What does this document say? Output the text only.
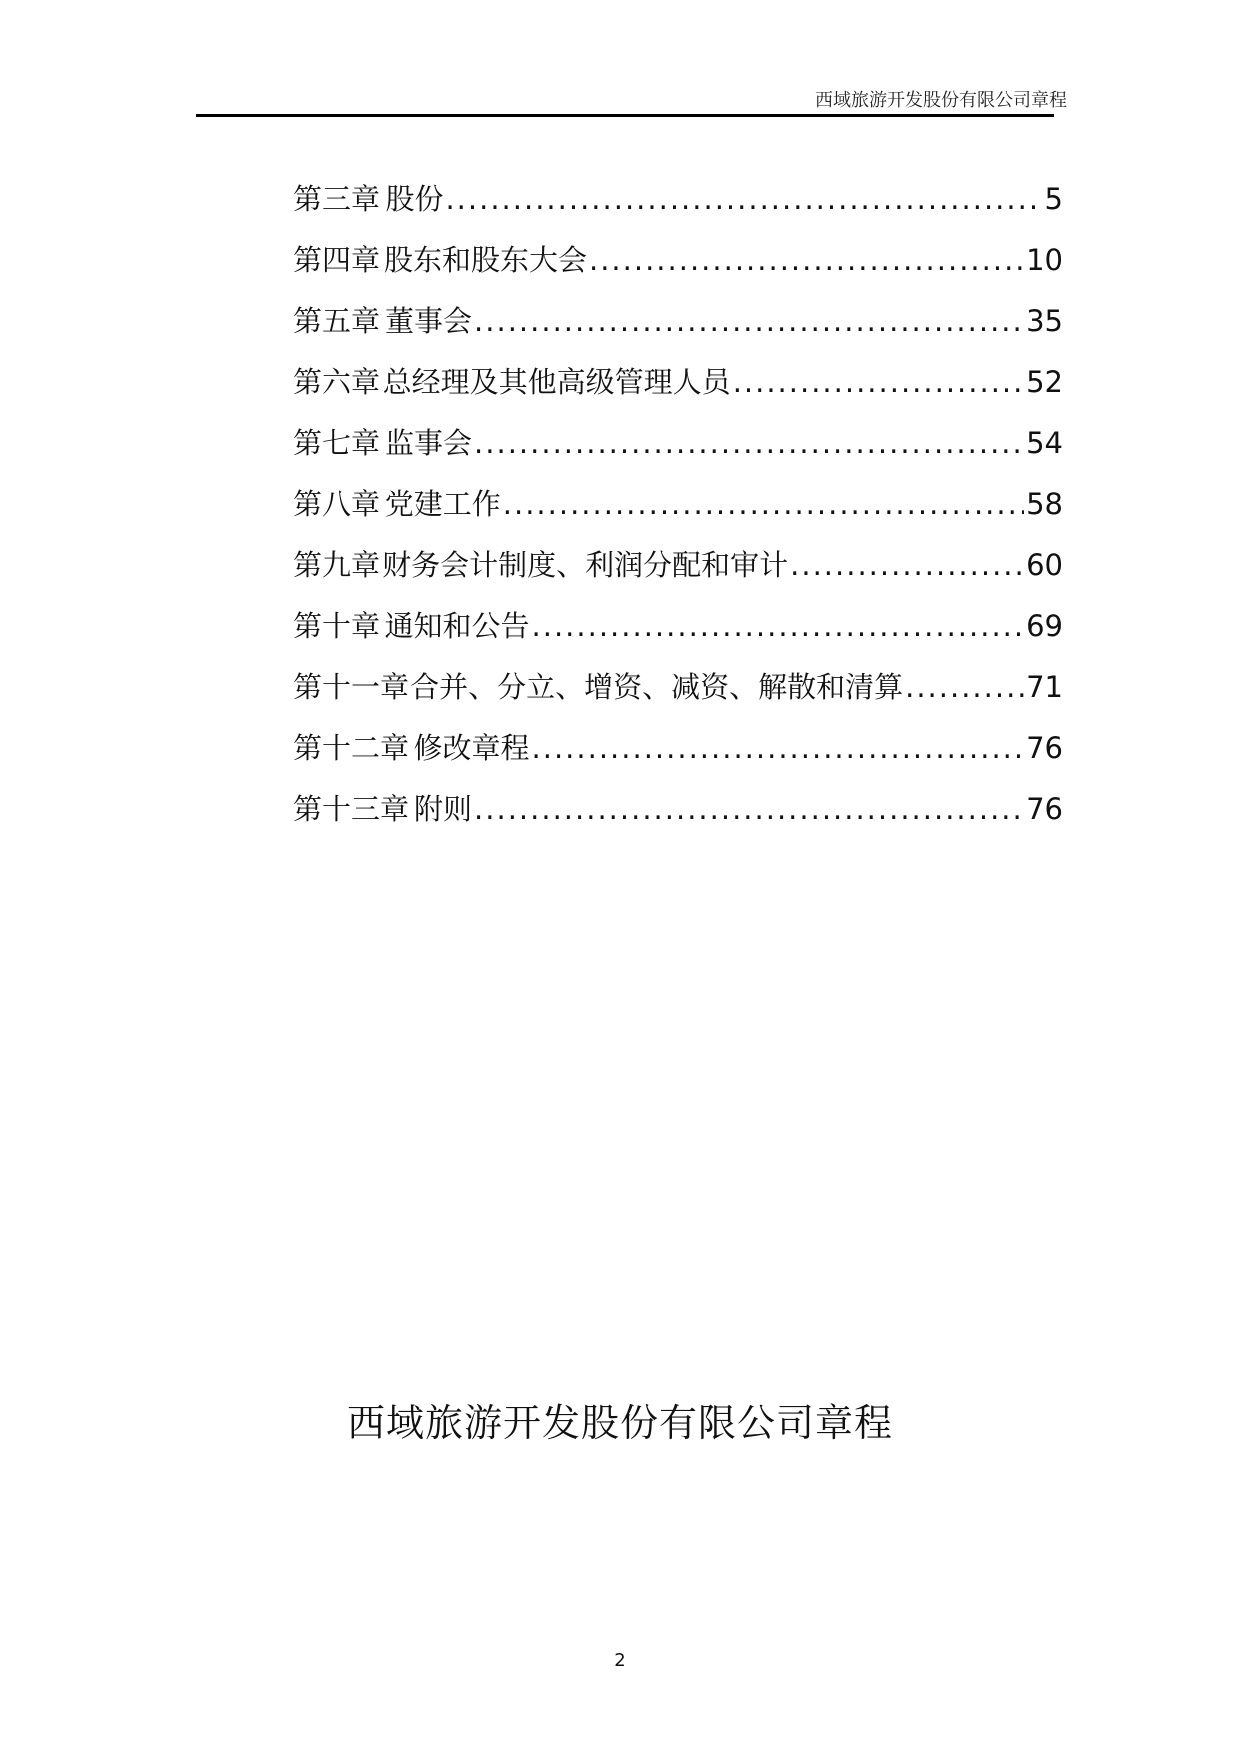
西域旅游开发股份有限公司章程
第三章 股份 .....	5
第四章 股东和股东大会 .....	10
第五章 董事会 .....	35
第六章 总经理及其他高级管理人员 .....	52
第七章 监事会 .....	54
第八章 党建工作 .....	58
第九章 财务会计制度、利润分配和审计 .....	60
第十章 通知和公告 .....	69
第十一章 合并、分立、增资、减资、解散和清算 .....	71
第十二章 修改章程 .....	76
第十三章 附则 .....	76
西域旅游开发股份有限公司章程
2
